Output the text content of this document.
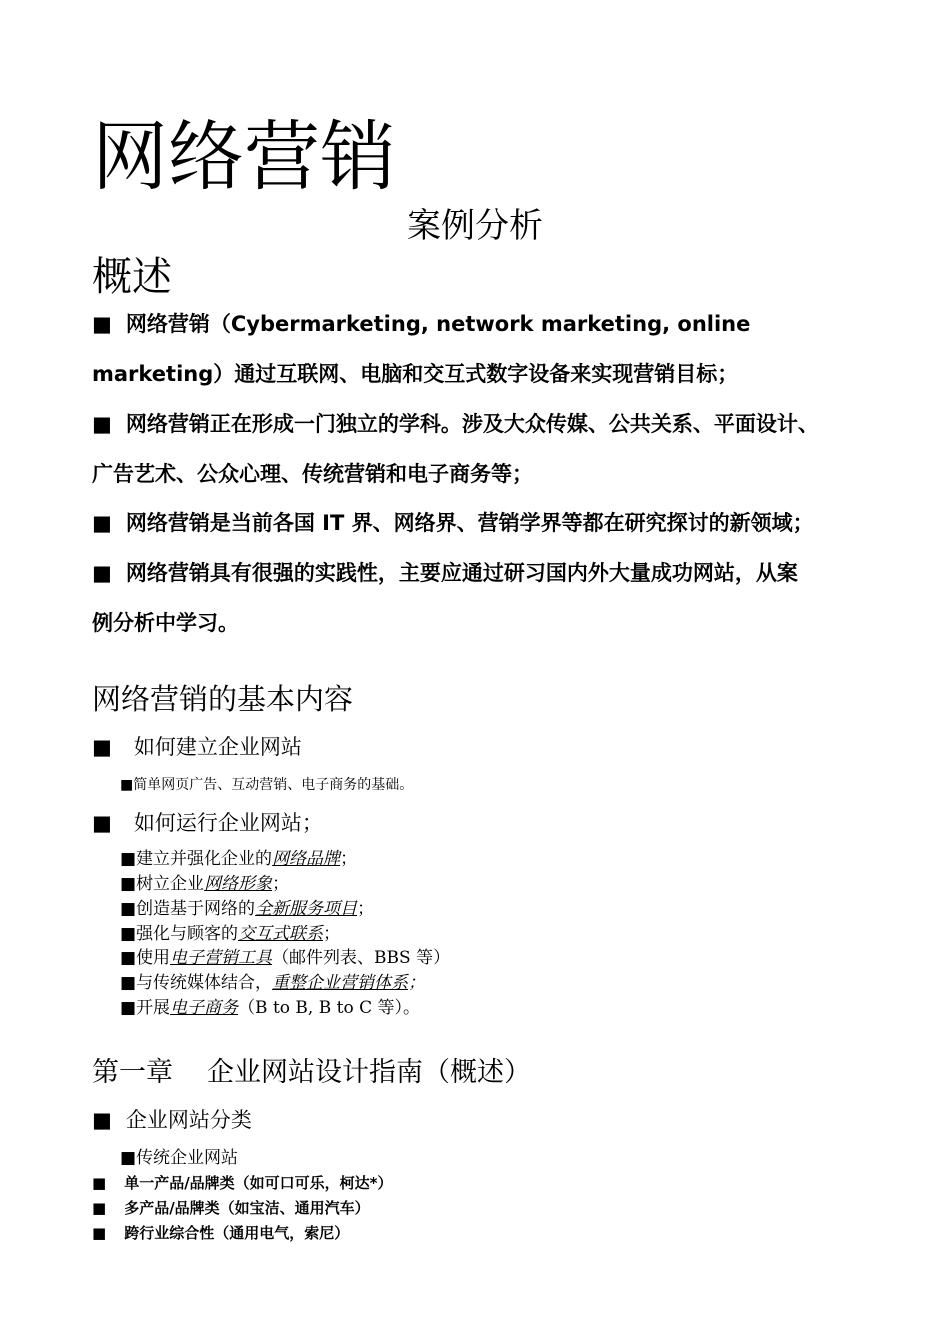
网络营销
案例分析
概述
■ 网络营销（Cybermarketing, network marketing, online
marketing）通过互联网、电脑和交互式数字设备来实现营销目标；
■ 网络营销正在形成一门独立的学科。涉及大众传媒、公共关系、平面设计、
广告艺术、公众心理、传统营销和电子商务等；
■ 网络营销是当前各国 IT 界、网络界、营销学界等都在研究探讨的新领域；
■ 网络营销具有很强的实践性，主要应通过研习国内外大量成功网站，从案
例分析中学习。
网络营销的基本内容
■ 如何建立企业网站
■简单网页广告、互动营销、电子商务的基础。
■ 如何运行企业网站；
■建立并强化企业的网络品牌；
■树立企业网络形象；
■创造基于网络的全新服务项目；
■强化与顾客的交互式联系；
■使用电子营销工具（邮件列表、BBS 等）
■与传统媒体结合，重整企业营销体系；
■开展电子商务（B to B, B to C 等）。
第一章 企业网站设计指南（概述）
■ 企业网站分类
■传统企业网站
■ 单一产品/品牌类（如可口可乐，柯达*）
■ 多产品/品牌类（如宝洁、通用汽车）
■ 跨行业综合性（通用电气，索尼）
